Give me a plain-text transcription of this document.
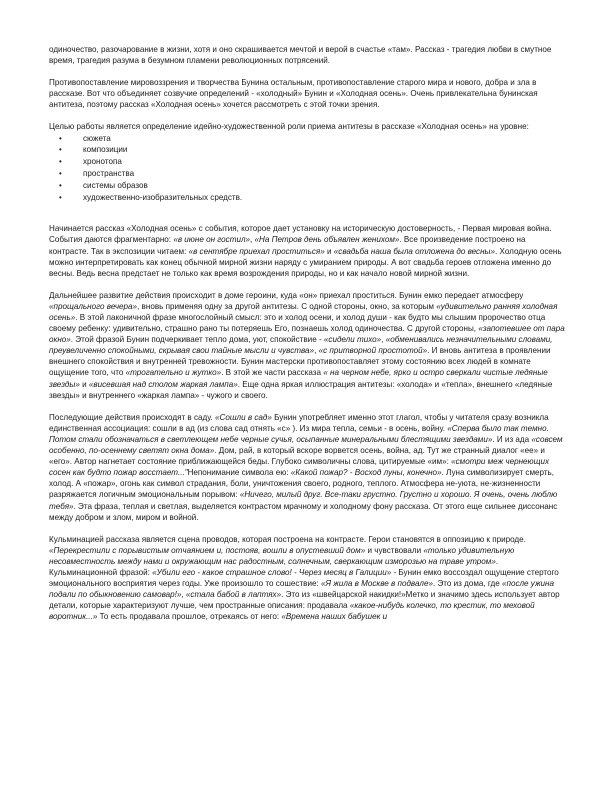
одиночество, разочарование в жизни, хотя и оно скрашивается мечтой и верой в счастье «там». Рассказ - трагедия любви в смутное время, трагедия разума в безумном пламени революционных потрясений.

Противопоставление мировоззрения и творчества Бунина остальным, противопоставление старого мира и нового, добра и зла в рассказе. Вот что объединяет созвучие определений - «холодный» Бунин и «Холодная осень». Очень привлекательна бунинская антитеза, поэтому рассказ «Холодная осень» хочется рассмотреть с этой точки зрения.

Целью работы является определение идейно-художественной роли приема антитезы в рассказе «Холодная осень» на уровне:

• сюжета
• композиции
• хронотопа
• пространства
• системы образов
• художественно-изобразительных средств.

Начинается рассказ «Холодная осень» с события, которое дает установку на историческую достоверность, - Первая мировая война. События даются фрагментарно: «в июне он гостил», «На Петров день объявлен женихом». Все произведение построено на контрасте. Так в экспозиции читаем: «в сентябре приехал проститься» и «свадьба наша была отложена до весны». Холодную осень можно интерпретировать как конец обычной мирной жизни наряду с умиранием природы. А вот свадьба героев отложена именно до весны. Ведь весна предстает не только как время возрождения природы, но и как начало новой мирной жизни.

Дальнейшее развитие действия происходит в доме героини, куда «он» приехал проститься. Бунин емко передает атмосферу «прощального вечера», вновь применяя одну за другой антитезы. С одной стороны, окно, за которым «удивительно ранняя холодная осень». В этой лаконичной фразе многослойный смысл: это и холод осени, и холод души - как будто мы слышим пророчество отца своему ребенку: удивительно, страшно рано ты потеряешь Его, познаешь холод одиночества. С другой стороны, «запотевшее от пара окно». Этой фразой Бунин подчеркивает тепло дома, уют, спокойствие - «сидели тихо», «обменивались незначительными словами, преувеличенно спокойными, скрывая свои тайные мысли и чувства», «с притворной простотой». И вновь антитеза в проявлении внешнего спокойствия и внутренней тревожности. Бунин мастерски противопоставляет этому состоянию всех людей в комнате ощущение того, что «трогательно и жутко». В этой же части рассказа « на черном небе, ярко и остро сверкали чистые ледяные звезды» и «висевшая над столом жаркая лампа». Еще одна яркая иллюстрация антитезы: «холода» и «тепла», внешнего «ледяные звезды» и внутреннего «жаркая лампа» - чужого и своего.

Последующие действия происходят в саду. «Сошли в сад» Бунин употребляет именно этот глагол, чтобы у читателя сразу возникла единственная ассоциация: сошли в ад (из слова сад отнять «с» ). Из мира тепла, семьи - в осень, войну. «Сперва было так темно. Потом стали обозначаться в светлеющем небе черные сучья, осыпанные минеральными блестящими звездами». И из ада «совсем особенно, по-осеннему светят окна дома». Дом, рай, в который вскоре ворвется осень, война, ад. Тут же странный диалог «ее» и «его». Автор нагнетает состояние приближающейся беды. Глубоко символичны слова, цитируемые «им»: «смотри меж чернеющих сосен как будто пожар восстает..."Непонимание символа ею: «Какой пожар? - Восход луны, конечно». Луна символизирует смерть, холод. А «пожар», огонь как символ страдания, боли, уничтожения своего, родного, теплого. Атмосфера не-уюта, не-жизненности разряжается логичным эмоциональным порывом: «Ничего, милый друг. Все-таки грустно. Грустно и хорошо. Я очень, очень люблю тебя». Эта фраза, теплая и светлая, выделяется контрастом мрачному и холодному фону рассказа. От этого еще сильнее диссонанс между добром и злом, миром и войной.

Кульминацией рассказа является сцена проводов, которая построена на контрасте. Герои становятся в оппозицию к природе. «Перекрестили с порывистым отчаянием и, постояв, вошли в опустевший дом» и чувствовали «только удивительную несовместность между нами и окружающим нас радостным, солнечным, сверкающим изморозью на траве утром». Кульминационной фразой: «Убили его - какое страшное слово! - Через месяц в Галиции» - Бунин емко воссоздал ощущение стертого эмоционального восприятия через годы. Уже произошло то сошествие: «Я жила в Москве в подвале». Это из дома, где «после ужина подали по обыкновению самовар!», «стала бабой в лаптях». Это из «швейцарской накидки!»Метко и значимо здесь использует автор детали, которые характеризуют лучше, чем пространные описания: продавала «какое-нибудь колечко, то крестик, то меховой воротник...» То есть продавала прошлое, отрекаясь от него: «Времена наших бабушек и
